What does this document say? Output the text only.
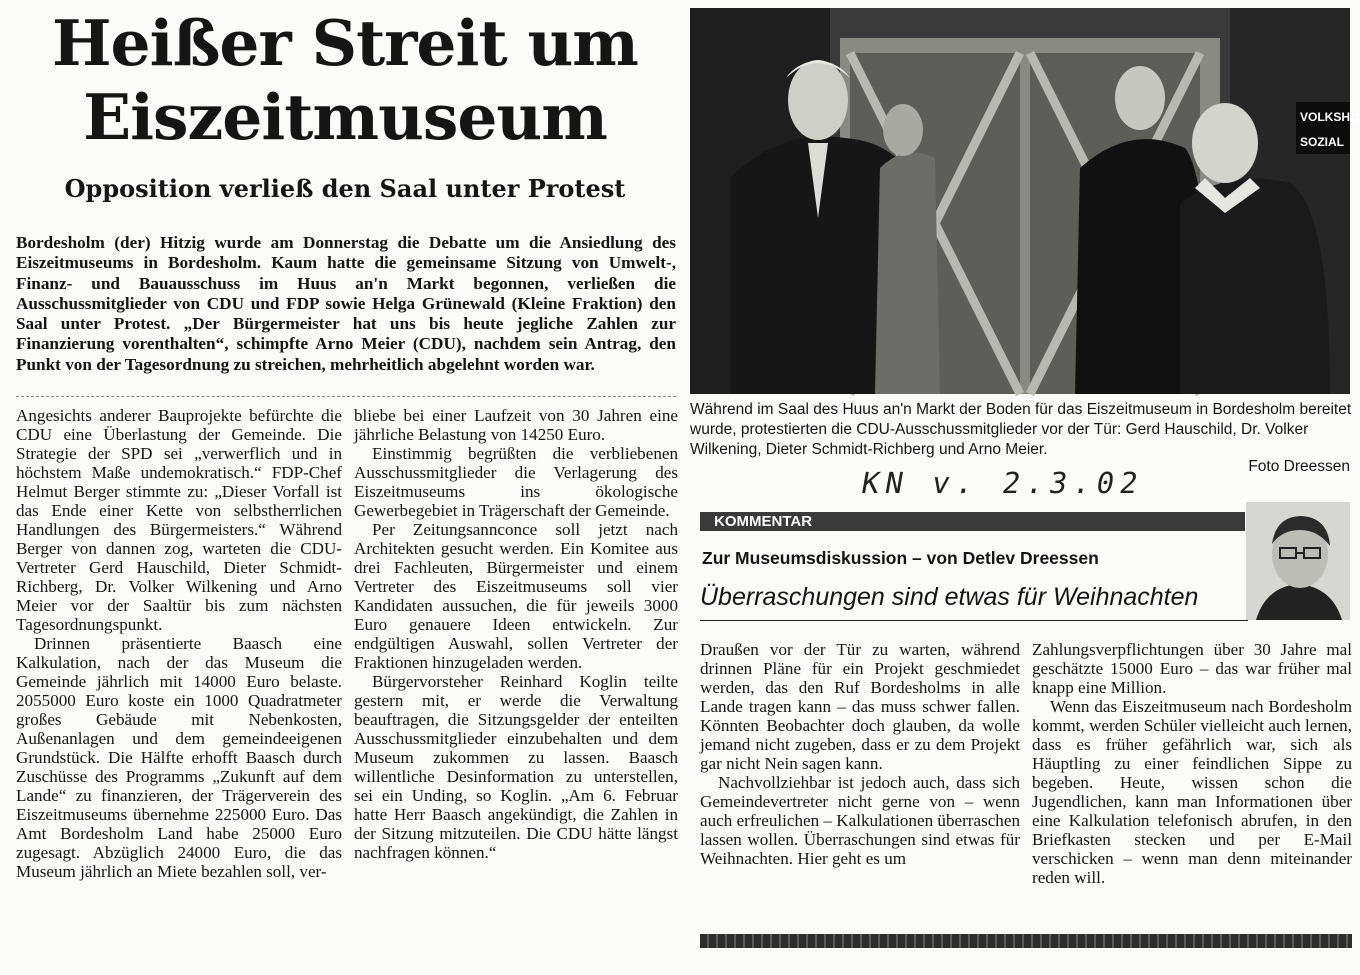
Heißer Streit um Eiszeitmuseum
Opposition verließ den Saal unter Protest

Bordesholm (der) Hitzig wurde am Donnerstag die Debatte um die Ansiedlung des Eiszeitmuseums in Bordesholm. Kaum hatte die gemeinsame Sitzung von Umwelt-, Finanz- und Bauausschuss im Huus an'n Markt begonnen, verließen die Ausschussmitglieder von CDU und FDP sowie Helga Grünewald (Kleine Fraktion) den Saal unter Protest. „Der Bürgermeister hat uns bis heute jegliche Zahlen zur Finanzierung vorenthalten“, schimpfte Arno Meier (CDU), nachdem sein Antrag, den Punkt von der Tagesordnung zu streichen, mehrheitlich abgelehnt worden war.

Angesichts anderer Bauprojekte befürchte die CDU eine Überlastung der Gemeinde. Die Strategie der SPD sei „verwerflich und in höchstem Maße undemokratisch.“ FDP-Chef Helmut Berger stimmte zu: „Dieser Vorfall ist das Ende einer Kette von selbstherrlichen Handlungen des Bürgermeisters.“ Während Berger von dannen zog, warteten die CDU-Vertreter Gerd Hauschild, Dieter Schmidt-Richberg, Dr. Volker Wilkening und Arno Meier vor der Saaltür bis zum nächsten Tagesordnungspunkt.

Drinnen präsentierte Baasch eine Kalkulation, nach der das Museum die Gemeinde jährlich mit 14000 Euro belaste. 2055000 Euro koste ein 1000 Quadratmeter großes Gebäude mit Nebenkosten, Außenanlagen und dem gemeindeeigenen Grundstück. Die Hälfte erhofft Baasch durch Zuschüsse des Programms „Zukunft auf dem Lande“ zu finanzieren, der Trägerverein des Eiszeitmuseums übernehme 225000 Euro. Das Amt Bordesholm Land habe 25000 Euro zugesagt. Abzüglich 24000 Euro, die das Museum jährlich an Miete bezahlen soll, ver-

bliebe bei einer Laufzeit von 30 Jahren eine jährliche Belastung von 14250 Euro.

Einstimmig begrüßten die verbliebenen Ausschussmitglieder die Verlagerung des Eiszeitmuseums ins ökologische Gewerbegebiet in Trägerschaft der Gemeinde.

Per Zeitungsannconce soll jetzt nach Architekten gesucht werden. Ein Komitee aus drei Fachleuten, Bürgermeister und einem Vertreter des Eiszeitmuseums soll vier Kandidaten aussuchen, die für jeweils 3000 Euro genauere Ideen entwickeln. Zur endgültigen Auswahl, sollen Vertreter der Fraktionen hinzugeladen werden.

Bürgervorsteher Reinhard Koglin teilte gestern mit, er werde die Verwaltung beauftragen, die Sitzungsgelder der enteilten Ausschussmitglieder einzubehalten und dem Museum zukommen zu lassen. Baasch willentliche Desinformation zu unterstellen, sei ein Unding, so Koglin. „Am 6. Februar hatte Herr Baasch angekündigt, die Zahlen in der Sitzung mitzuteilen. Die CDU hätte längst nachfragen können.“

VOLKSHO
SOZIAL

Während im Saal des Huus an'n Markt der Boden für das Eiszeitmuseum in Bordesholm bereitet wurde, protestierten die CDU-Ausschussmitglieder vor der Tür: Gerd Hauschild, Dr. Volker Wilkening, Dieter Schmidt-Richberg und Arno Meier.

Foto Dreessen
KN v. 2.3.02
KOMMENTAR
Zur Museumsdiskussion – von Detlev Dreessen
Überraschungen sind etwas für Weihnachten

Draußen vor der Tür zu warten, während drinnen Pläne für ein Projekt geschmiedet werden, das den Ruf Bordesholms in alle Lande tragen kann – das muss schwer fallen. Könnten Beobachter doch glauben, da wolle jemand nicht zugeben, dass er zu dem Projekt gar nicht Nein sagen kann.

Nachvollziehbar ist jedoch auch, dass sich Gemeindevertreter nicht gerne von – wenn auch erfreulichen – Kalkulationen überraschen lassen wollen. Überraschungen sind etwas für Weihnachten. Hier geht es um

Zahlungsverpflichtungen über 30 Jahre mal geschätzte 15000 Euro – das war früher mal knapp eine Million.

Wenn das Eiszeitmuseum nach Bordesholm kommt, werden Schüler vielleicht auch lernen, dass es früher gefährlich war, sich als Häuptling zu einer feindlichen Sippe zu begeben. Heute, wissen schon die Jugendlichen, kann man Informationen über eine Kalkulation telefonisch abrufen, in den Briefkasten stecken und per E-Mail verschicken – wenn man denn miteinander reden will.
